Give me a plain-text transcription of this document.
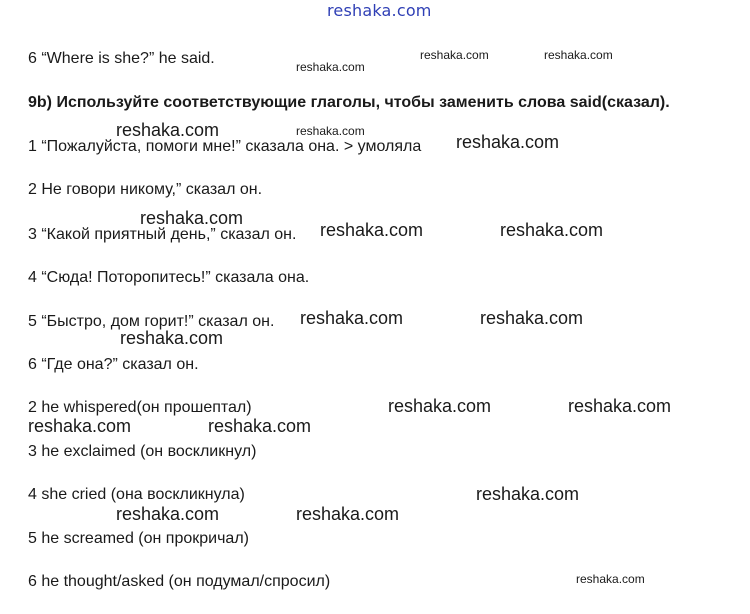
reshaka.com
6 “Where is she?” he said.	reshaka.com	reshaka.com
reshaka.com
9b) Используйте соответствующие глаголы, чтобы заменить слова said(сказал).
reshaka.com	reshaka.com
1 “Пожалуйста, помоги мне!” сказала она. > умоляла reshaka.com
2 Не говори никому,” сказал он.
reshaka.com
3 “Какой приятный день,” сказал он. reshaka.com	reshaka.com
4 “Сюда! Поторопитесь!” сказала она.
5 “Быстро, дом горит!” сказал он. reshaka.com	reshaka.com
reshaka.com
6 “Где она?” сказал он.
2 he whispered(он прошептал)	reshaka.com	reshaka.com
reshaka.com	reshaka.com
3 he exclaimed (он воскликнул)
4 she cried (она воскликнула)	reshaka.com
reshaka.com	reshaka.com
5 he screamed (он прокричал)
6 he thought/asked (он подумал/спросил)	reshaka.com
